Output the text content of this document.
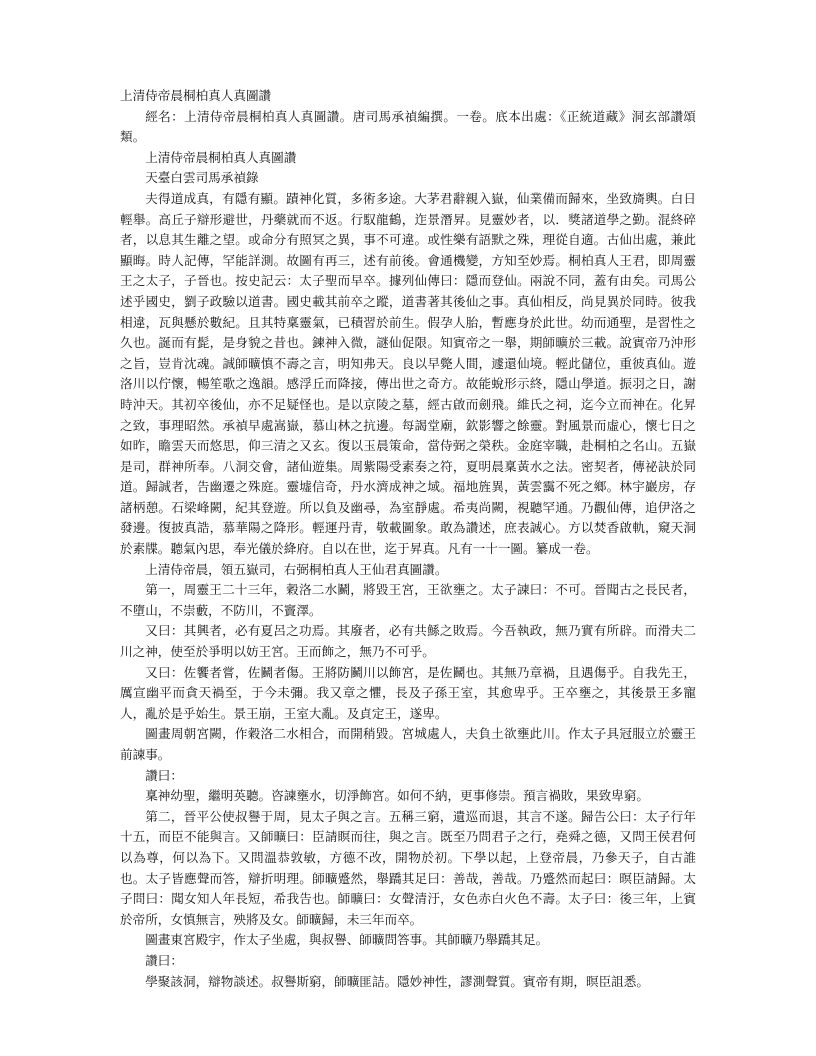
上清侍帝晨桐柏真人真圖讚

經名：上清侍帝晨桐柏真人真圖讚。唐司馬承禎編撰。一卷。底本出處：《正統道藏》洞玄部讚頌類。

上清侍帝晨桐柏真人真圖讚

天臺白雲司馬承禎錄

夫得道成真，有隱有顯。蹟神化質，多術多途。大茅君辭親入嶽，仙業備而歸來，坐致旖輿。白日輕舉。高丘子辯形避世，丹藥就而不返。行馭龍鶴，迮景潛昇。見靈妙者，以．獎諸道學之勤。混終碎者，以息其生離之望。或命分有照冥之異，事不可違。或性樂有語默之殊，理從自適。古仙出處，兼此顯晦。時人記傳，罕能詳測。故圖有再三，述有前後。會通機變，方知至妙焉。桐柏真人王君，即周靈王之太子，子晉也。按史記云：太子聖而早卒。據列仙傳曰：隱而登仙。兩說不同，蓋有由矣。司馬公述乎國史，劉子政驗以道書。國史載其前卒之蹤，道書著其後仙之事。真仙相反，尚見異於同時。彼我相違，瓦與懸於數紀。且其特稟靈氣，已積習於前生。假孕人胎，暫應身於此世。幼而通聖，是習性之久也。誕而有髭，是身貌之昔也。鍊神入微，謎仙促限。知賓帝之一舉，期師曠於三載。說賓帝乃沖形之旨，豈肯沈魂。誠師曠慎不壽之言，明知弗天。良以早斃人間，遽還仙境。輕此儲位，重彼真仙。遊洛川以佇懷，暢笙歌之逸韻。感浮丘而降接，傳出世之奇方。故能蛻形示終，隱山學道。振羽之日，謝時沖天。其初卒後仙，亦不足疑怪也。是以京陵之墓，經古啟而劍飛。維氏之祠，迄今立而神在。化昇之致，事理昭然。承禎早處嵩嶽，慕山林之抗邊。每謁堂廟，欽影響之餘靈。對風景而虛心，懷七日之如昨，瞻雲天而悠思，仰三清之又玄。復以玉晨策命，當侍弼之榮秩。金庭宰職，赴桐柏之名山。五嶽是司，群神所奉。八洞交會，諸仙遊集。周紫陽受素奏之符，夏明晨稟黃水之法。密契者，傳祕訣於同道。歸誠者，告幽遷之殊庭。靈墟信奇，丹水濟成神之域。福地旌異，黃雲靄不死之鄉。林宇巖房，存諸柄憩。石梁峰闕，紀其登遊。所以負及幽尋，為室靜處。希夷尚闕，視聽罕通。乃觀仙傳，追伊洛之發邊。復披真誥，慕華陽之降形。輕運丹青，敬載圖象。敢為讚述，庶表誠心。方以焚香啟軌，窺天洞於素牒。聽氣內思，奉光儀於絳府。自以在世，迄于昇真。凡有一十一圖。纂成一卷。

上清侍帝晨，領五嶽司，右弼桐柏真人王仙君真圖讚。

第一，周靈王二十三年，穀洛二水鬭，將毀王宮，王欲壅之。太子諫曰：不可。晉聞古之長民者，不墮山，不崇藪，不防川，不竇澤。

又曰：其興者，必有夏呂之功焉。其廢者，必有共鯀之敗焉。今吾執政，無乃實有所辟。而滑夫二川之神，使至於爭明以妨王宮。王而飾之，無乃不可乎。

又曰：佐饗者嘗，佐鬭者傷。王將防鬭川以飾宮，是佐鬭也。其無乃章禍，且遇傷乎。自我先王，厲宣幽平而貪天禍至，于今未彌。我又章之懼，長及子孫王室，其愈卑乎。王卒壅之，其後景王多寵人，亂於是乎始生。景王崩，王室大亂。及貞定王，遂卑。

圖畫周朝宮闕，作穀洛二水相合，而開稍毀。宮城處人，夫負土欲壅此川。作太子具冠服立於靈王前諫事。

讚曰：

稟神幼聖，繼明英聽。咨諫壅水，切淨飾宮。如何不納，更事修崇。預言禍敗，果致卑窮。

第二，晉平公使叔譽于周，見太子與之言。五稱三窮，遺巡而退，其言不遂。歸告公曰：太子行年十五，而臣不能與言。又師曠曰：臣請瞑而往，與之言。既至乃問君子之行，堯舜之德，又問王侯君何以為尊，何以為下。又問溫恭敦敏，方德不改，開物於初。下學以起，上登帝晨，乃參天子，自古誰也。太子皆應聲而答，辯折明理。師曠蹙然，舉蹻其足曰：善哉，善哉。乃蹙然而起曰：暝臣請歸。太子問曰：聞女知人年長短，希我告也。師曠曰：女聲清汙，女色赤白火色不壽。太子曰：後三年，上賓於帝所，女慎無言，殃將及女。師曠歸，未三年而卒。

圖畫東宮殿宇，作太子坐處，與叔譽、師曠問答事。其師曠乃舉蹻其足。

讚曰：

學聚該洞，辯物談述。叔譽斯窮，師曠匪詰。隱妙神性，謬測聲質。賓帝有期，暝臣詛悉。
